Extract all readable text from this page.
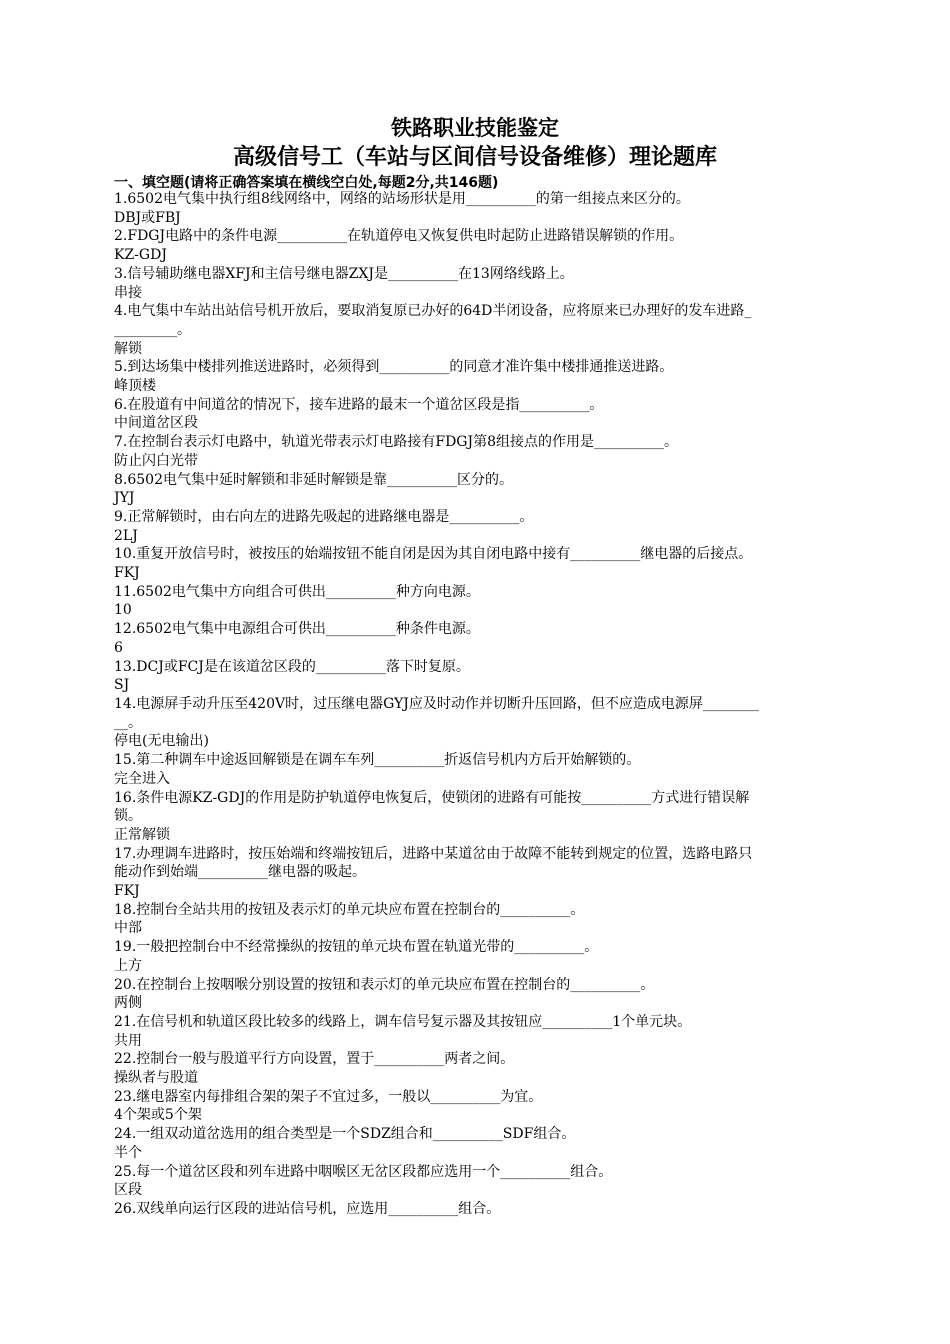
铁路职业技能鉴定
高级信号工（车站与区间信号设备维修）理论题库
一、填空题(请将正确答案填在横线空白处,每题2分,共146题)
1.6502电气集中执行组8线网络中，网络的站场形状是用__________的第一组接点来区分的。
DBJ或FBJ
2.FDGJ电路中的条件电源__________在轨道停电又恢复供电时起防止进路错误解锁的作用。
KZ-GDJ
3.信号辅助继电器XFJ和主信号继电器ZXJ是__________在13网络线路上。
串接
4.电气集中车站出站信号机开放后，要取消复原已办好的64D半闭设备，应将原来已办理好的发车进路_
_________。
解锁
5.到达场集中楼排列推送进路时，必须得到__________的同意才准许集中楼排通推送进路。
峰顶楼
6.在股道有中间道岔的情况下，接车进路的最末一个道岔区段是指__________。
中间道岔区段
7.在控制台表示灯电路中，轨道光带表示灯电路接有FDGJ第8组接点的作用是__________。
防止闪白光带
8.6502电气集中延时解锁和非延时解锁是靠__________区分的。
JYJ
9.正常解锁时，由右向左的进路先吸起的进路继电器是__________。
2LJ
10.重复开放信号时，被按压的始端按钮不能自闭是因为其自闭电路中接有__________继电器的后接点。
FKJ
11.6502电气集中方向组合可供出__________种方向电源。
10
12.6502电气集中电源组合可供出__________种条件电源。
6
13.DCJ或FCJ是在该道岔区段的__________落下时复原。
SJ
14.电源屏手动升压至420V时，过压继电器GYJ应及时动作并切断升压回路，但不应造成电源屏________
__。
停电(无电输出)
15.第二种调车中途返回解锁是在调车车列__________折返信号机内方后开始解锁的。
完全进入
16.条件电源KZ-GDJ的作用是防护轨道停电恢复后，使锁闭的进路有可能按__________方式进行错误解
锁。
正常解锁
17.办理调车进路时，按压始端和终端按钮后，进路中某道岔由于故障不能转到规定的位置，选路电路只
能动作到始端__________继电器的吸起。
FKJ
18.控制台全站共用的按钮及表示灯的单元块应布置在控制台的__________。
中部
19.一般把控制台中不经常操纵的按钮的单元块布置在轨道光带的__________。
上方
20.在控制台上按咽喉分别设置的按钮和表示灯的单元块应布置在控制台的__________。
两侧
21.在信号机和轨道区段比较多的线路上，调车信号复示器及其按钮应__________1个单元块。
共用
22.控制台一般与股道平行方向设置，置于__________两者之间。
操纵者与股道
23.继电器室内每排组合架的架子不宜过多，一般以__________为宜。
4个架或5个架
24.一组双动道岔选用的组合类型是一个SDZ组合和__________SDF组合。
半个
25.每一个道岔区段和列车进路中咽喉区无岔区段都应选用一个__________组合。
区段
26.双线单向运行区段的进站信号机，应选用__________组合。
